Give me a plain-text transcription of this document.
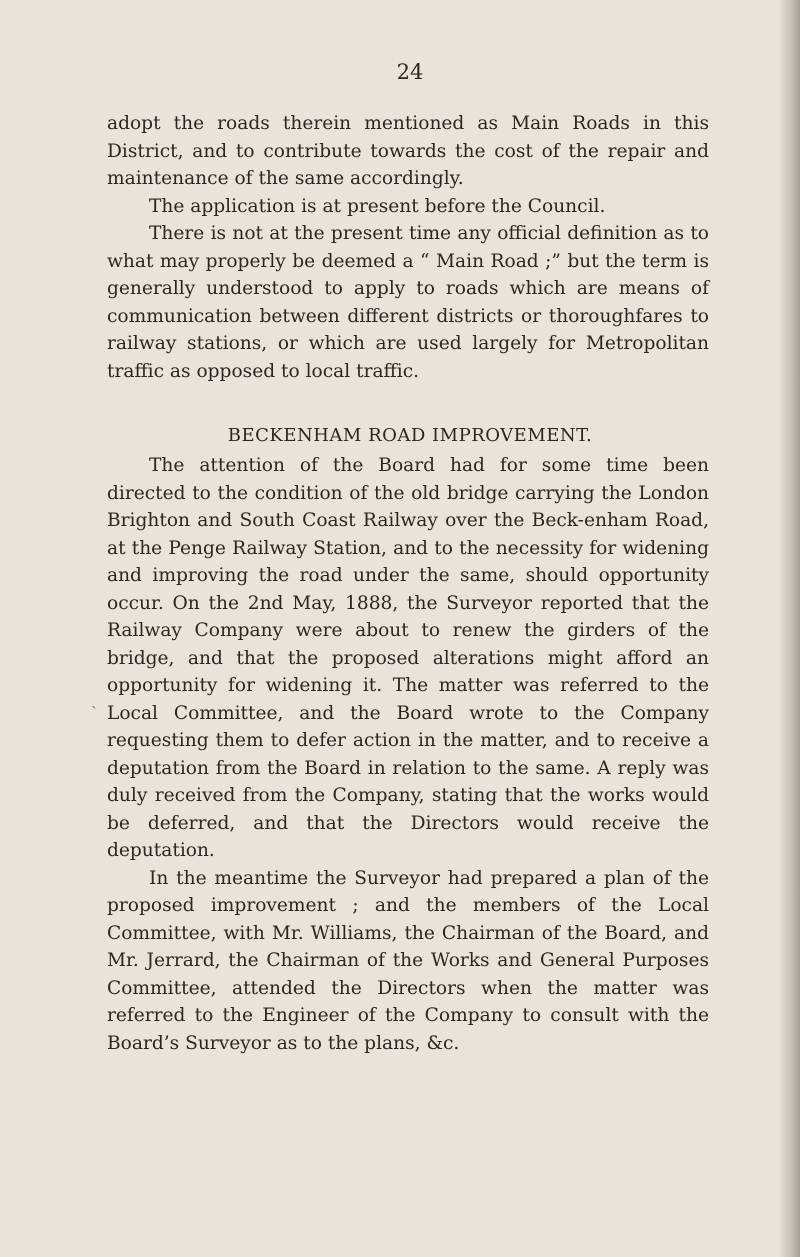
24

adopt the roads therein mentioned as Main Roads in this District, and to contribute towards the cost of the repair and maintenance of the same accordingly.

The application is at present before the Council.

There is not at the present time any official definition as to what may properly be deemed a “ Main Road ;” but the term is generally understood to apply to roads which are means of communication between different districts or thoroughfares to railway stations, or which are used largely for Metropolitan traffic as opposed to local traffic.

BECKENHAM ROAD IMPROVEMENT.

The attention of the Board had for some time been directed to the condition of the old bridge carrying the London Brighton and South Coast Railway over the Beck-enham Road, at the Penge Railway Station, and to the necessity for widening and improving the road under the same, should opportunity occur. On the 2nd May, 1888, the Surveyor reported that the Railway Company were about to renew the girders of the bridge, and that the proposed alterations might afford an opportunity for widening it. The matter was referred to the Local Committee, and the Board wrote to the Company requesting them to defer action in the matter, and to receive a deputation from the Board in relation to the same. A reply was duly received from the Company, stating that the works would be deferred, and that the Directors would receive the deputation.

In the meantime the Surveyor had prepared a plan of the proposed improvement ; and the members of the Local Committee, with Mr. Williams, the Chairman of the Board, and Mr. Jerrard, the Chairman of the Works and General Purposes Committee, attended the Directors when the matter was referred to the Engineer of the Company to consult with the Board’s Surveyor as to the plans, &c.

`
